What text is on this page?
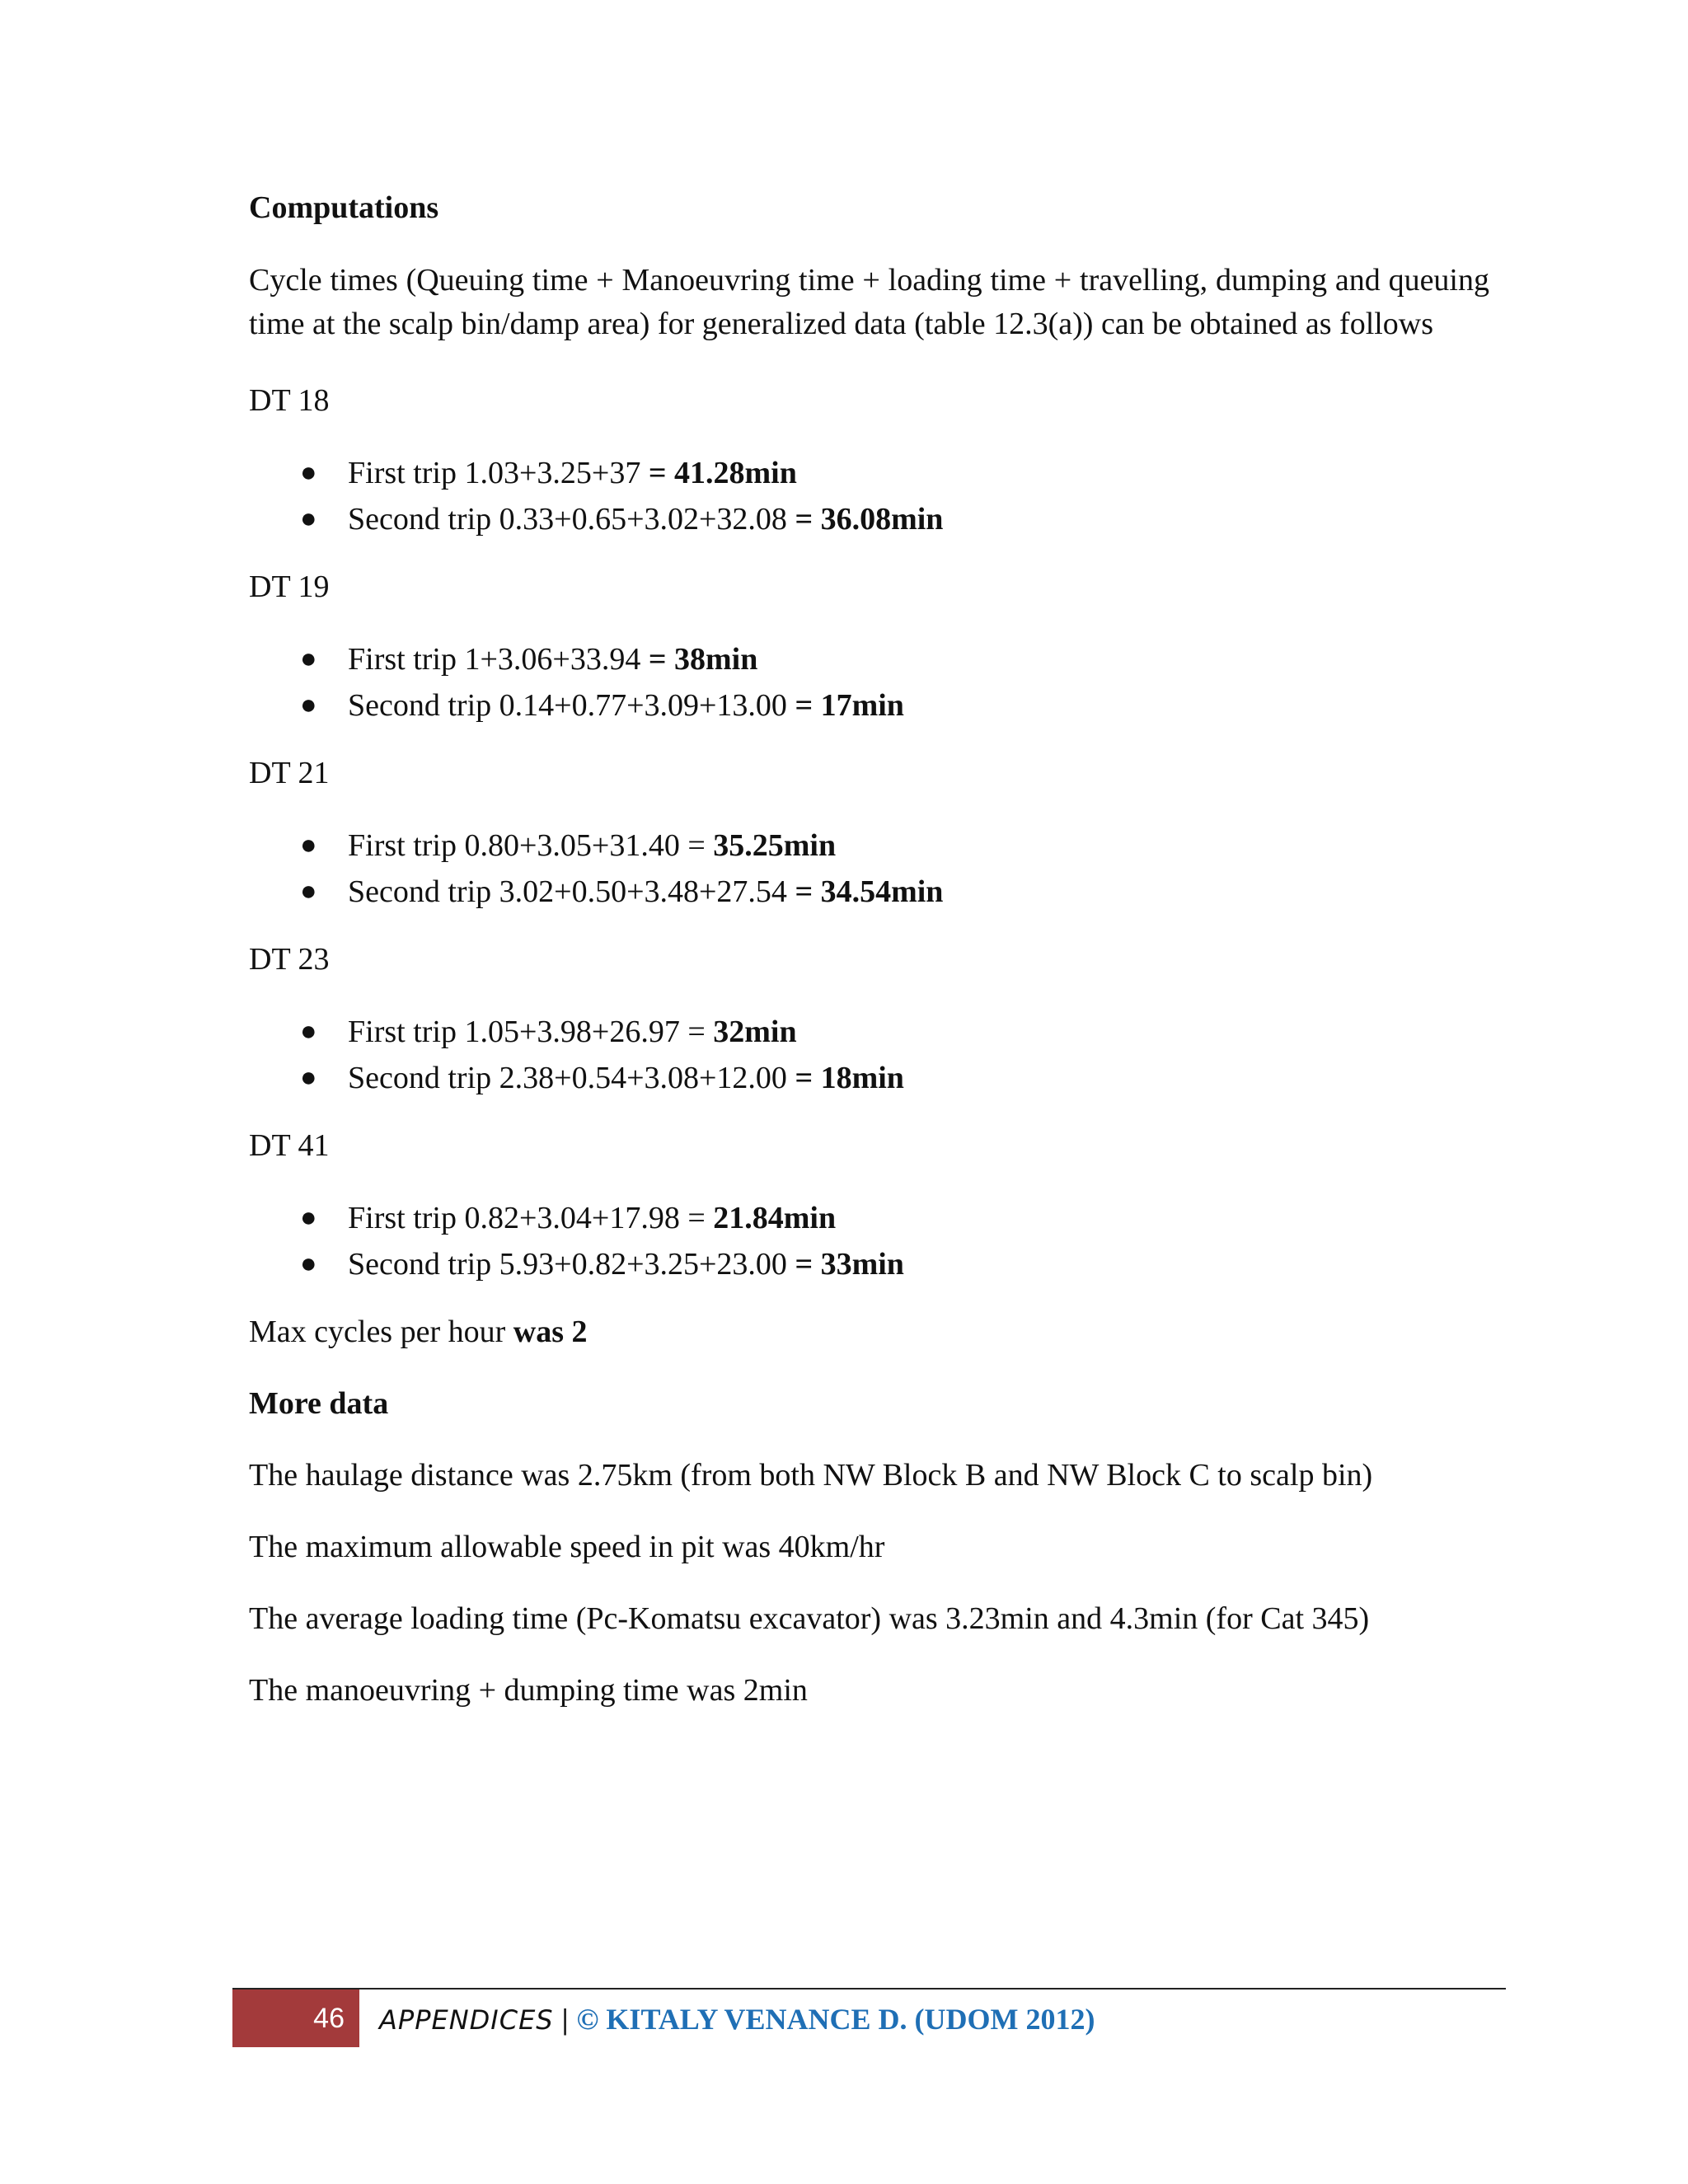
Computations

Cycle times (Queuing time + Manoeuvring time + loading time + travelling, dumping and queuing time at the scalp bin/damp area) for generalized data (table 12.3(a)) can be obtained as follows

DT 18

● First trip 1.03+3.25+37 = 41.28min
● Second trip 0.33+0.65+3.02+32.08 = 36.08min

DT 19

● First trip 1+3.06+33.94 = 38min
● Second trip 0.14+0.77+3.09+13.00 = 17min

DT 21

● First trip 0.80+3.05+31.40 = 35.25min
● Second trip 3.02+0.50+3.48+27.54 = 34.54min

DT 23

● First trip 1.05+3.98+26.97 = 32min
● Second trip 2.38+0.54+3.08+12.00 = 18min

DT 41

● First trip 0.82+3.04+17.98 = 21.84min
● Second trip 5.93+0.82+3.25+23.00 = 33min

Max cycles per hour was 2

More data

The haulage distance was 2.75km (from both NW Block B and NW Block C to scalp bin)

The maximum allowable speed in pit was 40km/hr

The average loading time (Pc-Komatsu excavator) was 3.23min and 4.3min (for Cat 345)

The manoeuvring + dumping time was 2min

46	APPENDICES | © KITALY VENANCE D. (UDOM 2012)
